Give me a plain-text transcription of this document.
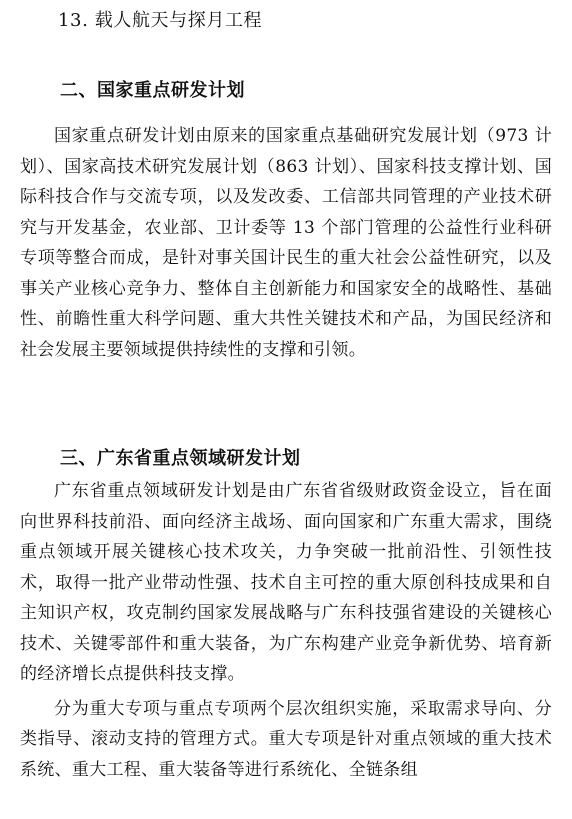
13. 载人航天与探月工程
二、国家重点研发计划

国家重点研发计划由原来的国家重点基础研究发展计划（973 计划）、国家高技术研究发展计划（863 计划）、国家科技支撑计划、国际科技合作与交流专项，以及发改委、工信部共同管理的产业技术研究与开发基金，农业部、卫计委等 13 个部门管理的公益性行业科研专项等整合而成，是针对事关国计民生的重大社会公益性研究，以及事关产业核心竞争力、整体自主创新能力和国家安全的战略性、基础性、前瞻性重大科学问题、重大共性关键技术和产品，为国民经济和社会发展主要领域提供持续性的支撑和引领。

三、广东省重点领域研发计划

广东省重点领域研发计划是由广东省省级财政资金设立，旨在面向世界科技前沿、面向经济主战场、面向国家和广东重大需求，围绕重点领域开展关键核心技术攻关，力争突破一批前沿性、引领性技术，取得一批产业带动性强、技术自主可控的重大原创科技成果和自主知识产权，攻克制约国家发展战略与广东科技强省建设的关键核心技术、关键零部件和重大装备，为广东构建产业竞争新优势、培育新的经济增长点提供科技支撑。

分为重大专项与重点专项两个层次组织实施，采取需求导向、分类指导、滚动支持的管理方式。重大专项是针对重点领域的重大技术系统、重大工程、重大装备等进行系统化、全链条组
